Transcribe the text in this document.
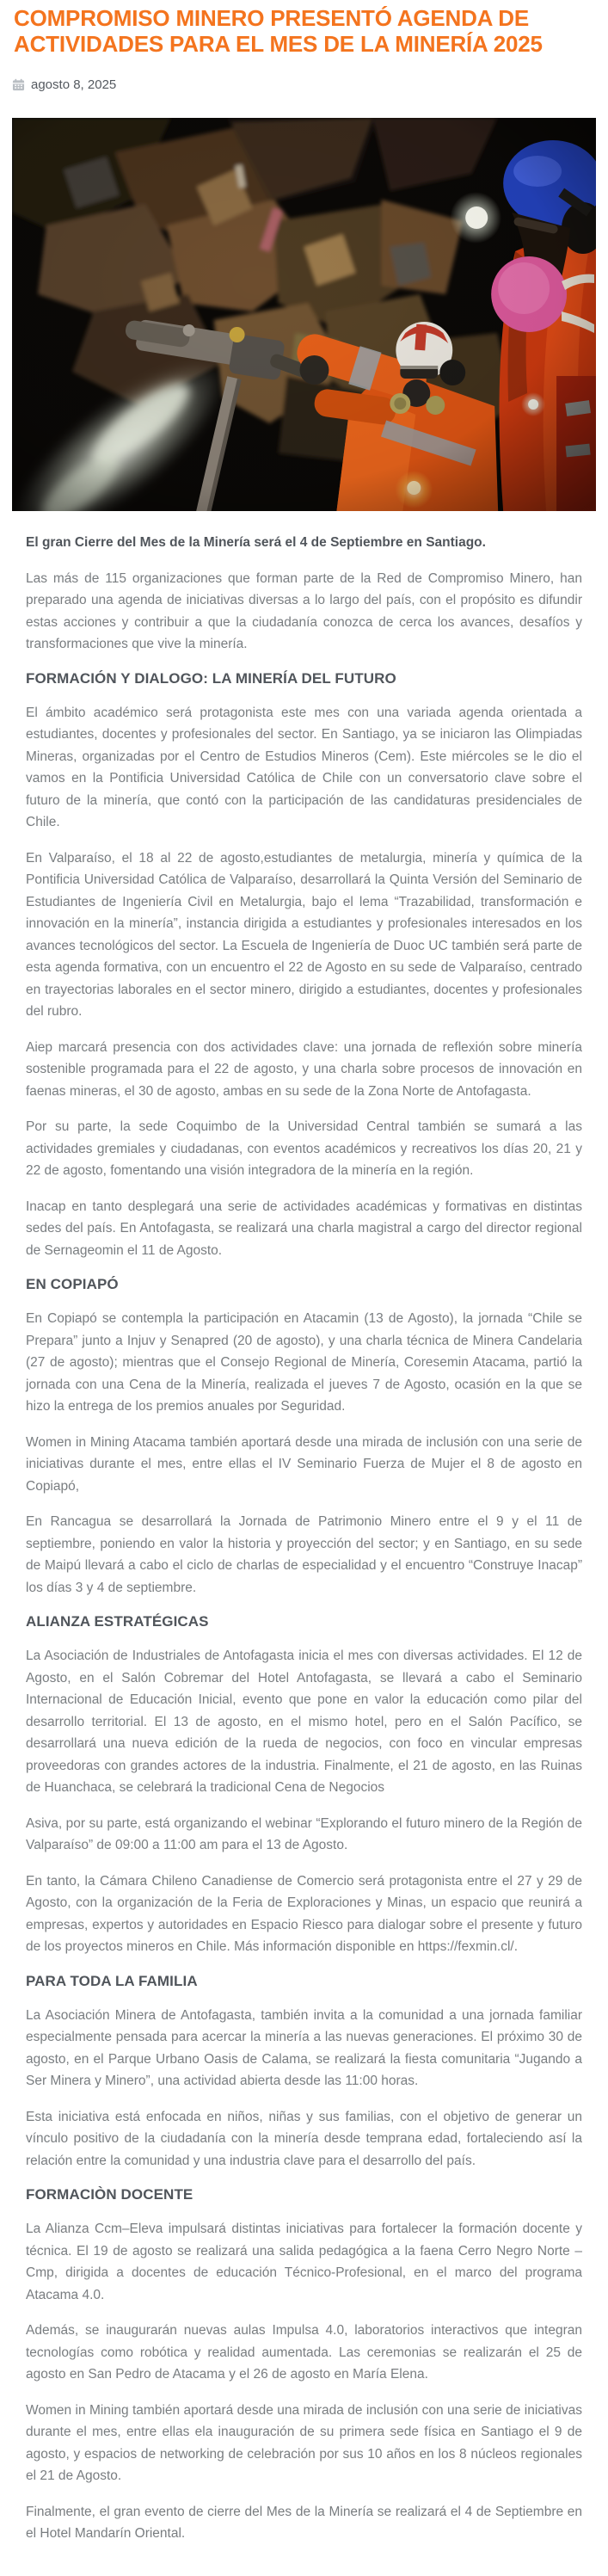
COMPROMISO MINERO PRESENTÓ AGENDA DE ACTIVIDADES PARA EL MES DE LA MINERÍA 2025
agosto 8, 2025

El gran Cierre del Mes de la Minería será el 4 de Septiembre en Santiago.

Las más de 115 organizaciones que forman parte de la Red de Compromiso Minero, han preparado una agenda de iniciativas diversas a lo largo del país, con el propósito es difundir estas acciones y contribuir a que la ciudadanía conozca de cerca los avances, desafíos y transformaciones que vive la minería.

FORMACIÓN Y DIALOGO: LA MINERÍA DEL FUTURO

El ámbito académico será protagonista este mes con una variada agenda orientada a estudiantes, docentes y profesionales del sector. En Santiago, ya se iniciaron las Olimpiadas Mineras, organizadas por el Centro de Estudios Mineros (Cem). Este miércoles se le dio el vamos en la Pontificia Universidad Católica de Chile con un conversatorio clave sobre el futuro de la minería, que contó con la participación de las candidaturas presidenciales de Chile.

En Valparaíso, el 18 al 22 de agosto,estudiantes de metalurgia, minería y química de la Pontificia Universidad Católica de Valparaíso, desarrollará la Quinta Versión del Seminario de Estudiantes de Ingeniería Civil en Metalurgia, bajo el lema “Trazabilidad, transformación e innovación en la minería”, instancia dirigida a estudiantes y profesionales interesados en los avances tecnológicos del sector. La Escuela de Ingeniería de Duoc UC también será parte de esta agenda formativa, con un encuentro el 22 de Agosto en su sede de Valparaíso, centrado en trayectorias laborales en el sector minero, dirigido a estudiantes, docentes y profesionales del rubro.

Aiep marcará presencia con dos actividades clave: una jornada de reflexión sobre minería sostenible programada para el 22 de agosto, y una charla sobre procesos de innovación en faenas mineras, el 30 de agosto, ambas en su sede de la Zona Norte de Antofagasta.

Por su parte, la sede Coquimbo de la Universidad Central también se sumará a las actividades gremiales y ciudadanas, con eventos académicos y recreativos los días 20, 21 y 22 de agosto, fomentando una visión integradora de la minería en la región.

Inacap en tanto desplegará una serie de actividades académicas y formativas en distintas sedes del país. En Antofagasta, se realizará una charla magistral a cargo del director regional de Sernageomin el 11 de Agosto.

EN COPIAPÓ

En Copiapó se contempla la participación en Atacamin (13 de Agosto), la jornada “Chile se Prepara” junto a Injuv y Senapred (20 de agosto), y una charla técnica de Minera Candelaria (27 de agosto); mientras que el Consejo Regional de Minería, Coresemin Atacama, partió la jornada con una Cena de la Minería, realizada el jueves 7 de Agosto, ocasión en la que se hizo la entrega de los premios anuales por Seguridad.

Women in Mining Atacama también aportará desde una mirada de inclusión con una serie de iniciativas durante el mes, entre ellas el IV Seminario Fuerza de Mujer el 8 de agosto en Copiapó,

En Rancagua se desarrollará la Jornada de Patrimonio Minero entre el 9 y el 11 de septiembre, poniendo en valor la historia y proyección del sector; y en Santiago, en su sede de Maipú llevará a cabo el ciclo de charlas de especialidad y el encuentro “Construye Inacap” los días 3 y 4 de septiembre.

ALIANZA ESTRATÉGICAS

La Asociación de Industriales de Antofagasta inicia el mes con diversas actividades. El 12 de Agosto, en el Salón Cobremar del Hotel Antofagasta, se llevará a cabo el Seminario Internacional de Educación Inicial, evento que pone en valor la educación como pilar del desarrollo territorial. El 13 de agosto, en el mismo hotel, pero en el Salón Pacífico, se desarrollará una nueva edición de la rueda de negocios, con foco en vincular empresas proveedoras con grandes actores de la industria. Finalmente, el 21 de agosto, en las Ruinas de Huanchaca, se celebrará la tradicional Cena de Negocios

Asiva, por su parte, está organizando el webinar “Explorando el futuro minero de la Región de Valparaíso” de 09:00 a 11:00 am para el 13 de Agosto.

En tanto, la Cámara Chileno Canadiense de Comercio será protagonista entre el 27 y 29 de Agosto, con la organización de la Feria de Exploraciones y Minas, un espacio que reunirá a empresas, expertos y autoridades en Espacio Riesco para dialogar sobre el presente y futuro de los proyectos mineros en Chile. Más información disponible en https://fexmin.cl/.

PARA TODA LA FAMILIA

La Asociación Minera de Antofagasta, también invita a la comunidad a una jornada familiar especialmente pensada para acercar la minería a las nuevas generaciones. El próximo 30 de agosto, en el Parque Urbano Oasis de Calama, se realizará la fiesta comunitaria “Jugando a Ser Minera y Minero”, una actividad abierta desde las 11:00 horas.

Esta iniciativa está enfocada en niños, niñas y sus familias, con el objetivo de generar un vínculo positivo de la ciudadanía con la minería desde temprana edad, fortaleciendo así la relación entre la comunidad y una industria clave para el desarrollo del país.

FORMACIÒN DOCENTE

La Alianza Ccm–Eleva impulsará distintas iniciativas para fortalecer la formación docente y técnica. El 19 de agosto se realizará una salida pedagógica a la faena Cerro Negro Norte – Cmp, dirigida a docentes de educación Técnico-Profesional, en el marco del programa Atacama 4.0.

Además, se inaugurarán nuevas aulas Impulsa 4.0, laboratorios interactivos que integran tecnologías como robótica y realidad aumentada. Las ceremonias se realizarán el 25 de agosto en San Pedro de Atacama y el 26 de agosto en María Elena.

Women in Mining también aportará desde una mirada de inclusión con una serie de iniciativas durante el mes, entre ellas ela inauguración de su primera sede física en Santiago el 9 de agosto, y espacios de networking de celebración por sus 10 años en los 8 núcleos regionales el 21 de Agosto.

Finalmente, el gran evento de cierre del Mes de la Minería se realizará el 4 de Septiembre en el Hotel Mandarín Oriental.
